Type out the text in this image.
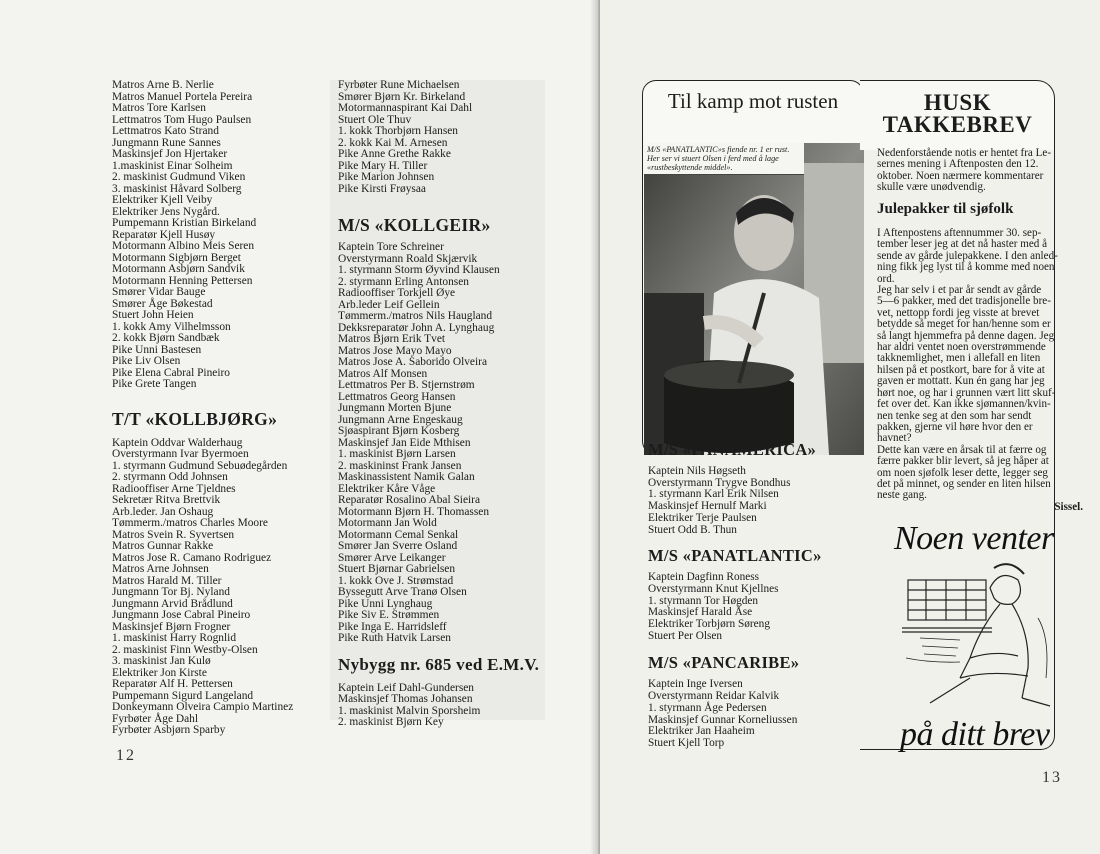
Matros Arne B. Nerlie
Matros Manuel Portela Pereira
Matros Tore Karlsen
Lettmatros Tom Hugo Paulsen
Lettmatros Kato Strand
Jungmann Rune Sannes
Maskinsjef Jon Hjertaker
1.maskinist Einar Solheim
2. maskinist Gudmund Viken
3. maskinist Håvard Solberg
Elektriker Kjell Veiby
Elektriker Jens Nygård.
Pumpemann Kristian Birkeland
Reparatør Kjell Husøy
Motormann Albino Meis Seren
Motormann Sigbjørn Berget
Motormann Asbjørn Sandvik
Motormann Henning Pettersen
Smører Vidar Bauge
Smører Åge Bøkestad
Stuert John Heien
1. kokk Amy Vilhelmsson
2. kokk Bjørn Sandbæk
Pike Unni Bastesen
Pike Liv Olsen
Pike Elena Cabral Pineiro
Pike Grete Tangen
T/T «KOLLBJØRG»
Kaptein Oddvar Walderhaug
Overstyrmann Ivar Byermoen
1. styrmann Gudmund Sebuødegården
2. styrmann Odd Johnsen
Radiooffiser Arne Tjeldnes
Sekretær Ritva Brettvik
Arb.leder. Jan Oshaug
Tømmerm./matros Charles Moore
Matros Svein R. Syvertsen
Matros Gunnar Rakke
Matros Jose R. Camano Rodriguez
Matros Arne Johnsen
Matros Harald M. Tiller
Jungmann Tor Bj. Nyland
Jungmann Arvid Brådlund
Jungmann Jose Cabral Pineiro
Maskinsjef Bjørn Frogner
1. maskinist Harry Rognlid
2. maskinist Finn Westby-Olsen
3. maskinist Jan Kulø
Elektriker Jon Kirste
Reparatør Alf H. Pettersen
Pumpemann Sigurd Langeland
Donkeymann Olveira Campio Martinez
Fyrbøter Åge Dahl
Fyrbøter Asbjørn Sparby
Fyrbøter Rune Michaelsen
Smører Bjørn Kr. Birkeland
Motormannaspirant Kai Dahl
Stuert Ole Thuv
1. kokk Thorbjørn Hansen
2. kokk Kai M. Arnesen
Pike Anne Grethe Rakke
Pike Mary H. Tiller
Pike Marion Johnsen
Pike Kirsti Frøysaa
M/S «KOLLGEIR»
Kaptein Tore Schreiner
Overstyrmann Roald Skjærvik
1. styrmann Storm Øyvind Klausen
2. styrmann Erling Antonsen
Radiooffiser Torkjell Øye
Arb.leder Leif Gellein
Tømmerm./matros Nils Haugland
Dekksreparatør John A. Lynghaug
Matros Bjørn Erik Tvet
Matros Jose Mayo Mayo
Matros Jose A. Saborido Olveira
Matros Alf Monsen
Lettmatros Per B. Stjernstrøm
Lettmatros Georg Hansen
Jungmann Morten Bjune
Jungmann Arne Engeskaug
Sjøaspirant Bjørn Kosberg
Maskinsjef Jan Eide Mthisen
1. maskinist Bjørn Larsen
2. maskininst Frank Jansen
Maskinassistent Namik Galan
Elektriker Kåre Våge
Reparatør Rosalino Abal Sieira
Motormann Bjørn H. Thomassen
Motormann Jan Wold
Motormann Cemal Senkal
Smører Jan Sverre Osland
Smører Arve Leikanger
Stuert Bjørnar Gabrielsen
1. kokk Ove J. Strømstad
Byssegutt Arve Tranø Olsen
Pike Unni Lynghaug
Pike Siv E. Strømmen
Pike Inga E. Harridsleff
Pike Ruth Hatvik Larsen
Nybygg nr. 685 ved E.M.V.
Kaptein Leif Dahl-Gundersen
Maskinsjef Thomas Johansen
1. maskinist Malvin Sporsheim
2. maskinist Bjørn Key
12
Til kamp mot rusten
M/S «PANATLANTIC»s fiende nr. 1 er rust. Her ser vi stuert Olsen i ferd med å lage «rustbeskyttende middel».
HUSK
TAKKEBREV
Nedenforstående notis er hentet fra Le-
sernes mening i Aftenposten den 12.
oktober. Noen nærmere kommentarer
skulle være unødvendig.
Julepakker til sjøfolk
I Aftenpostens aftennummer 30. sep-
tember leser jeg at det nå haster med å
sende av gårde julepakkene. I den anled-
ning fikk jeg lyst til å komme med noen
ord.
Jeg har selv i et par år sendt av gårde
5—6 pakker, med det tradisjonelle bre-
vet, nettopp fordi jeg visste at brevet
betydde så meget for han/henne som er
så langt hjemmefra på denne dagen. Jeg
har aldri ventet noen overstrømmende
takknemlighet, men i allefall en liten
hilsen på et postkort, bare for å vite at
gaven er mottatt. Kun én gang har jeg
hørt noe, og har i grunnen vært litt skuf-
fet over det. Kan ikke sjømannen/kvin-
nen tenke seg at den som har sendt
pakken, gjerne vil høre hvor den er
havnet?
Dette kan være en årsak til at færre og
færre pakker blir levert, så jeg håper at
om noen sjøfolk leser dette, legger seg
det på minnet, og sender en liten hilsen
neste gang.
Sissel.
M/S «PANAMERICA»
Kaptein Nils Høgseth
Overstyrmann Trygve Bondhus
1. styrmann Karl Erik Nilsen
Maskinsjef Hernulf Marki
Elektriker Terje Paulsen
Stuert Odd B. Thun
M/S «PANATLANTIC»
Kaptein Dagfinn Roness
Overstyrmann Knut Kjellnes
1. styrmann Tor Høgden
Maskinsjef Harald Åse
Elektriker Torbjørn Søreng
Stuert Per Olsen
M/S «PANCARIBE»
Kaptein Inge Iversen
Overstyrmann Reidar Kalvik
1. styrmann Åge Pedersen
Maskinsjef Gunnar Korneliussen
Elektriker Jan Haaheim
Stuert Kjell Torp
Noen venter
på ditt brev
13
